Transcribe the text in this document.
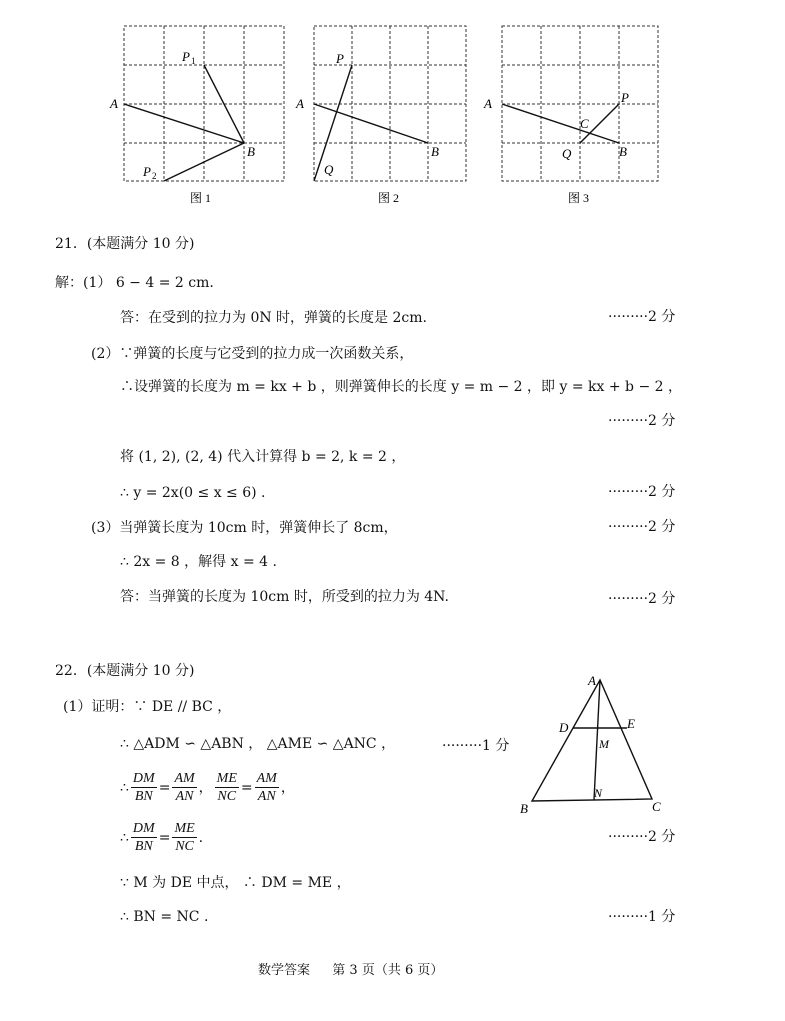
A
B
P 1
P 2
图 1
A
B
P
Q
图 2
A
B
P
Q
C
图 3
21．(本题满分 10 分)
解：(1） 6 − 4 = 2 cm.
答：在受到的拉力为 0N 时，弹簧的长度是 2cm.	·········2 分
(2）∵弹簧的长度与它受到的拉力成一次函数关系，
∴设弹簧的长度为 m = kx + b ，则弹簧伸长的长度 y = m − 2 ，即 y = kx + b − 2 ，
·········2 分
将 (1, 2), (2, 4) 代入计算得 b = 2, k = 2 ，
∴ y = 2x(0 ≤ x ≤ 6) .	·········2 分
(3）当弹簧长度为 10cm 时，弹簧伸长了 8cm，	·········2 分
∴ 2x = 8 ，解得 x = 4 .
答：当弹簧的长度为 10cm 时，所受到的拉力为 4N.	·········2 分
22．(本题满分 10 分)
(1）证明：∵ DE // BC ，
∴ △ADM ∽ △ABN ， △AME ∽ △ANC ，	·········1 分
∴ $\frac{DM}{BN} = \frac{AM}{AN}$ ， $\frac{ME}{NC} = \frac{AM}{AN}$ ，
∴ $\frac{DM}{BN} = \frac{ME}{NC}$ .	·········2 分
∵ M 为 DE 中点， ∴ DM = ME ，
∴ BN = NC .	·········1 分
A
B	C
D	E
M
N
数学答案 第 3 页（共 6 页）
